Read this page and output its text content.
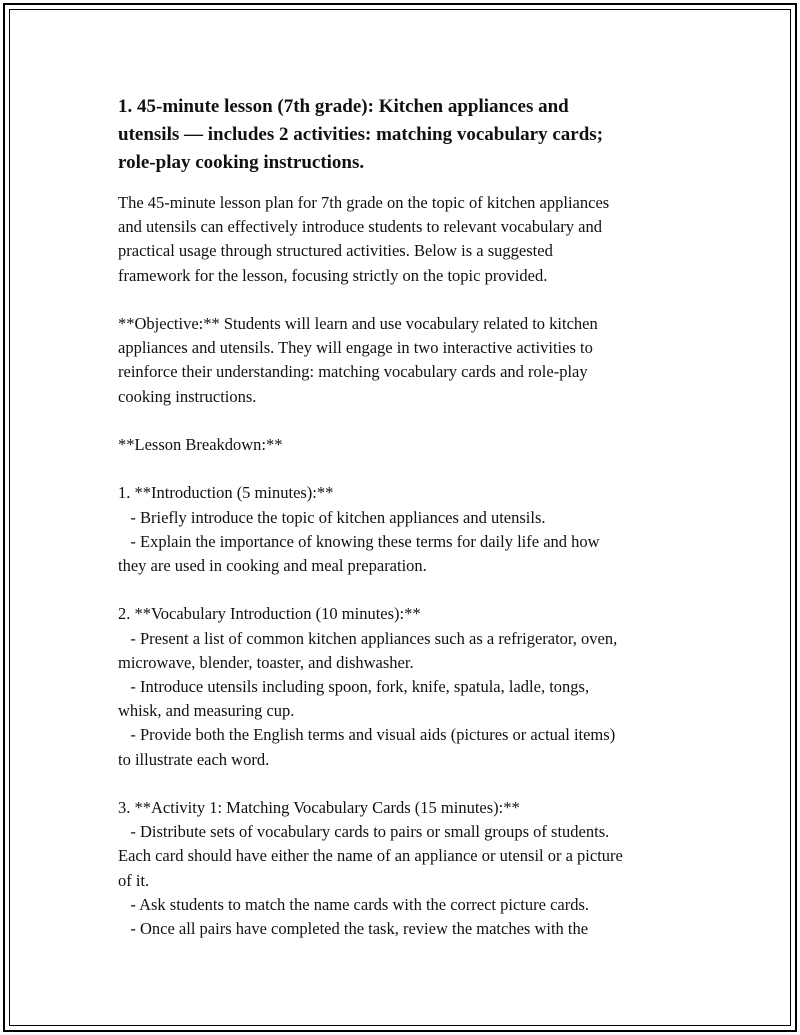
1. 45-minute lesson (7th grade): Kitchen appliances and
utensils — includes 2 activities: matching vocabulary cards;
role-play cooking instructions.

The 45-minute lesson plan for 7th grade on the topic of kitchen appliances
and utensils can effectively introduce students to relevant vocabulary and
practical usage through structured activities. Below is a suggested
framework for the lesson, focusing strictly on the topic provided.

**Objective:** Students will learn and use vocabulary related to kitchen
appliances and utensils. They will engage in two interactive activities to
reinforce their understanding: matching vocabulary cards and role-play
cooking instructions.

**Lesson Breakdown:**

1. **Introduction (5 minutes):**
- Briefly introduce the topic of kitchen appliances and utensils.
- Explain the importance of knowing these terms for daily life and how
they are used in cooking and meal preparation.

2. **Vocabulary Introduction (10 minutes):**
- Present a list of common kitchen appliances such as a refrigerator, oven,
microwave, blender, toaster, and dishwasher.
- Introduce utensils including spoon, fork, knife, spatula, ladle, tongs,
whisk, and measuring cup.
- Provide both the English terms and visual aids (pictures or actual items)
to illustrate each word.

3. **Activity 1: Matching Vocabulary Cards (15 minutes):**
- Distribute sets of vocabulary cards to pairs or small groups of students.
Each card should have either the name of an appliance or utensil or a picture
of it.
- Ask students to match the name cards with the correct picture cards.
- Once all pairs have completed the task, review the matches with the
